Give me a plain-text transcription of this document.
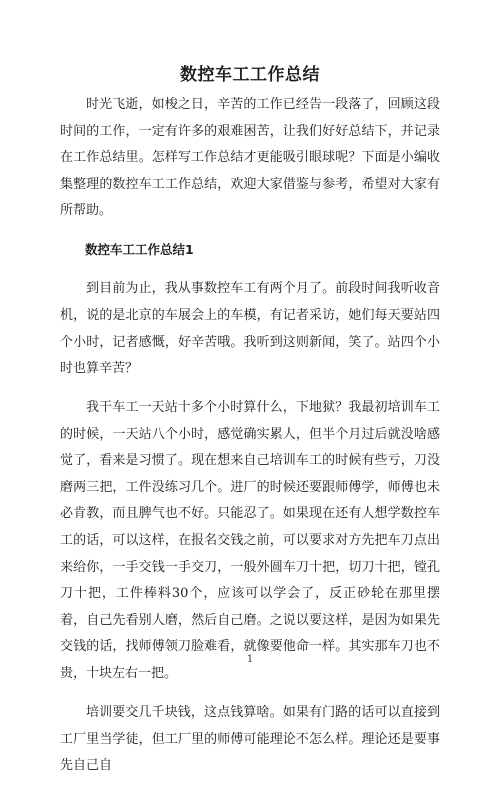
数控车工工作总结

时光飞逝，如梭之日，辛苦的工作已经告一段落了，回顾这段时间的工作，一定有许多的艰难困苦，让我们好好总结下，并记录在工作总结里。怎样写工作总结才更能吸引眼球呢？下面是小编收集整理的数控车工工作总结，欢迎大家借鉴与参考，希望对大家有所帮助。

数控车工工作总结1

到目前为止，我从事数控车工有两个月了。前段时间我听收音机，说的是北京的车展会上的车模，有记者采访，她们每天要站四个小时，记者感慨，好辛苦哦。我听到这则新闻，笑了。站四个小时也算辛苦？

我干车工一天站十多个小时算什么，下地狱？我最初培训车工的时候，一天站八个小时，感觉确实累人，但半个月过后就没啥感觉了，看来是习惯了。现在想来自己培训车工的时候有些亏，刀没磨两三把，工件没练习几个。进厂的时候还要跟师傅学，师傅也未必肯教，而且脾气也不好。只能忍了。如果现在还有人想学数控车工的话，可以这样，在报名交钱之前，可以要求对方先把车刀点出来给你，一手交钱一手交刀，一般外圆车刀十把，切刀十把，镗孔刀十把，工件棒料30个，应该可以学会了，反正砂轮在那里摆着，自己先看别人磨，然后自己磨。之说以要这样，是因为如果先交钱的话，找师傅领刀脸难看，就像要他命一样。其实那车刀也不贵，十块左右一把。

培训要交几千块钱，这点钱算啥。如果有门路的话可以直接到工厂里当学徒，但工厂里的师傅可能理论不怎么样。理论还是要事先自己自

1
